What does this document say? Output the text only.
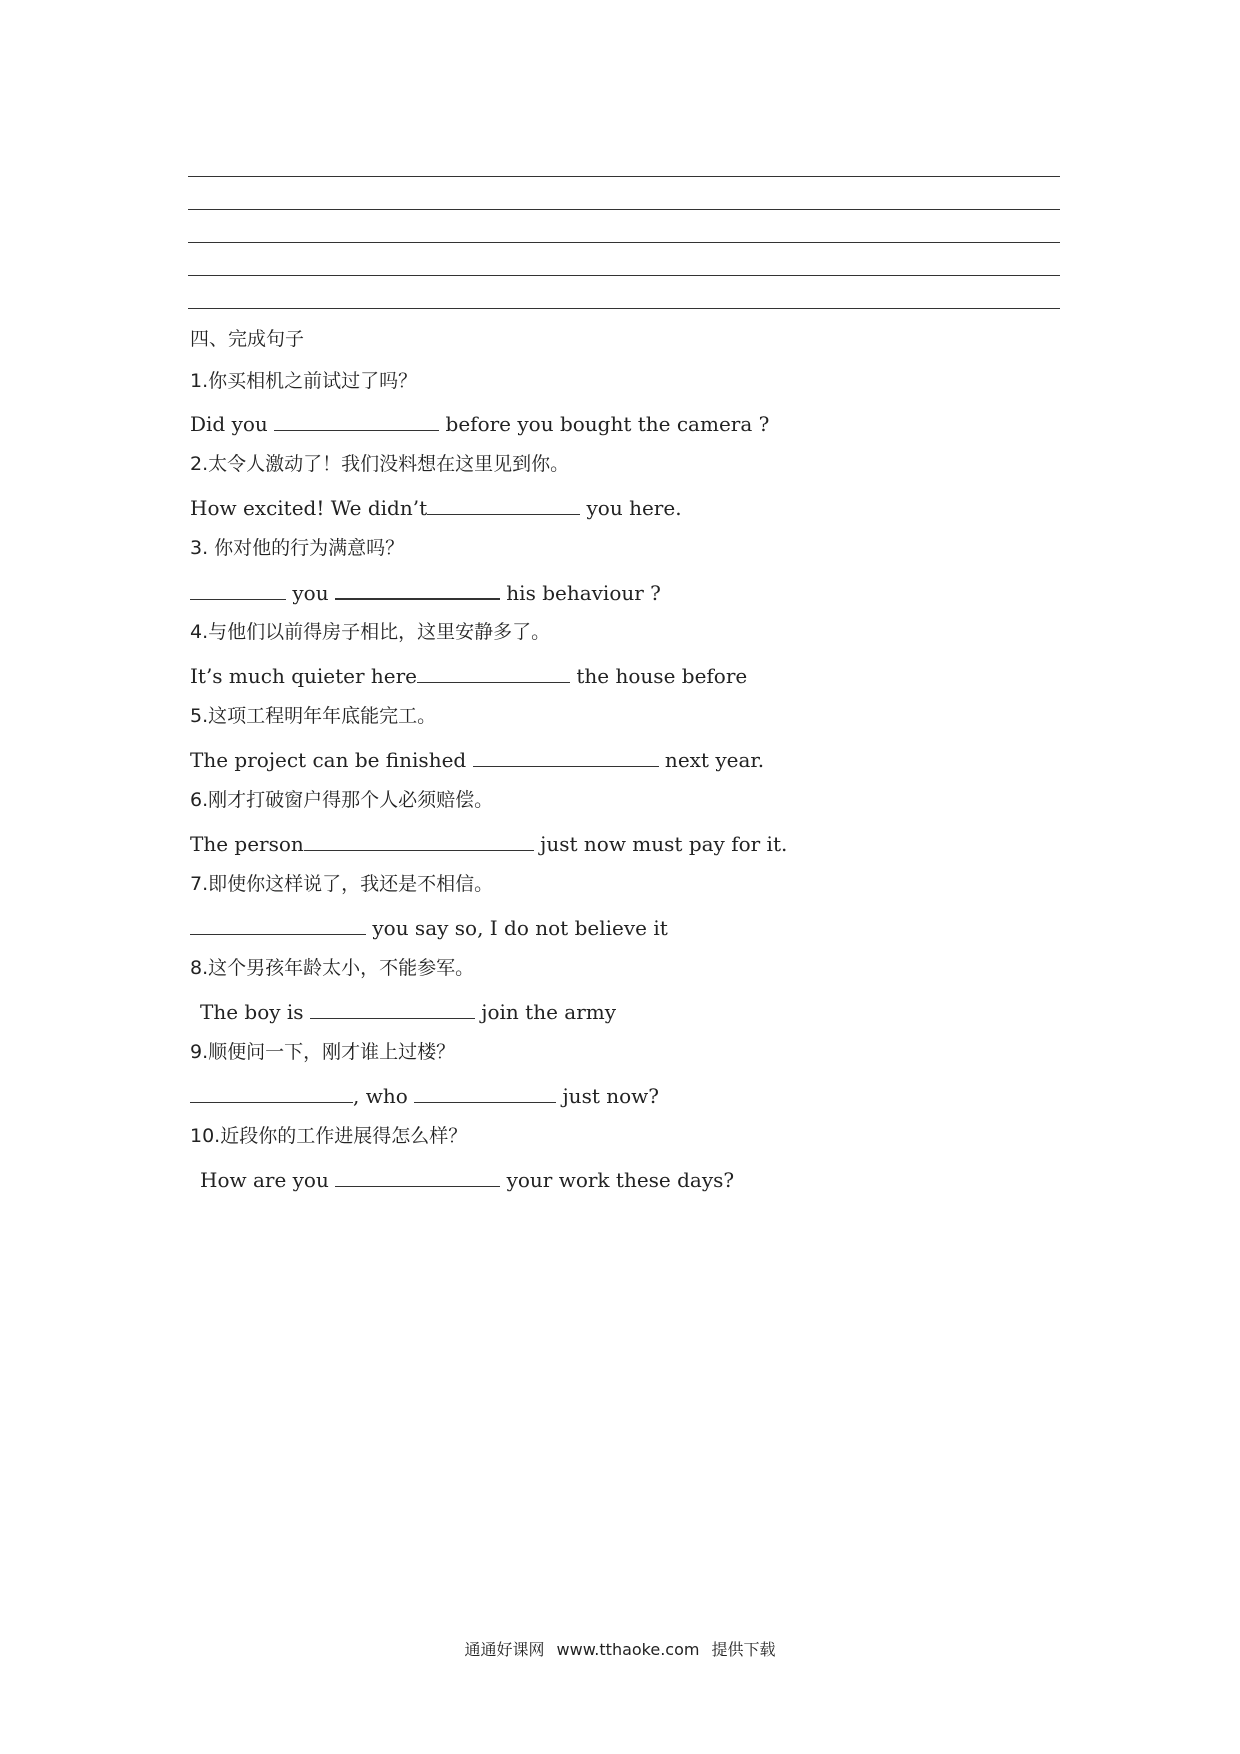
四、完成句子
1.你买相机之前试过了吗？
Did you	before you bought the camera ?
2.太令人激动了！我们没料想在这里见到你。
How excited! We didn’t	you here.
3. 你对他的行为满意吗？
you	his behaviour ?
4.与他们以前得房子相比，这里安静多了。
It’s much quieter here	the house before
5.这项工程明年年底能完工。
The project can be finished	next year.
6.刚才打破窗户得那个人必须赔偿。
The person	just now must pay for it.
7.即使你这样说了，我还是不相信。
you say so, I do not believe it
8.这个男孩年龄太小，不能参军。
The boy is	join the army
9.顺便问一下，刚才谁上过楼？
, who	just now?
10.近段你的工作进展得怎么样？
How are you	your work these days?
通通好课网 www.tthaoke.com 提供下载
